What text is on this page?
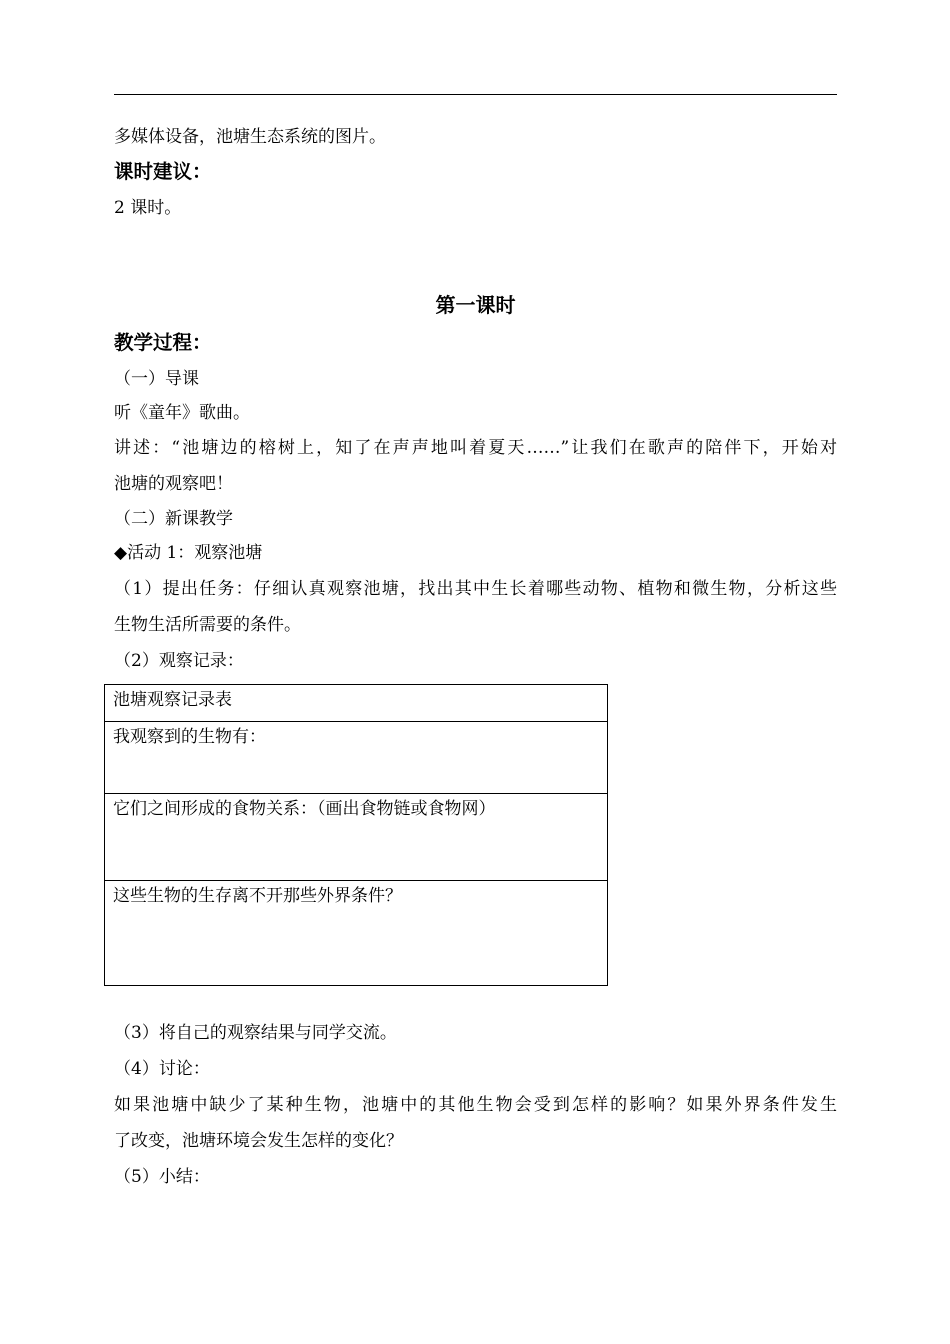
多媒体设备，池塘生态系统的图片。
课时建议：
2 课时。
第一课时
教学过程：
（一）导课
听《童年》歌曲。
讲述：“池塘边的榕树上，知了在声声地叫着夏天……”让我们在歌声的陪伴下，开始对
池塘的观察吧！
（二）新课教学
◆活动 1：观察池塘
（1）提出任务：仔细认真观察池塘，找出其中生长着哪些动物、植物和微生物，分析这些
生物生活所需要的条件。
（2）观察记录：
池塘观察记录表
我观察到的生物有：
它们之间形成的食物关系：（画出食物链或食物网）
这些生物的生存离不开那些外界条件？
（3）将自己的观察结果与同学交流。
（4）讨论：
如果池塘中缺少了某种生物，池塘中的其他生物会受到怎样的影响？如果外界条件发生
了改变，池塘环境会发生怎样的变化？
（5）小结：
